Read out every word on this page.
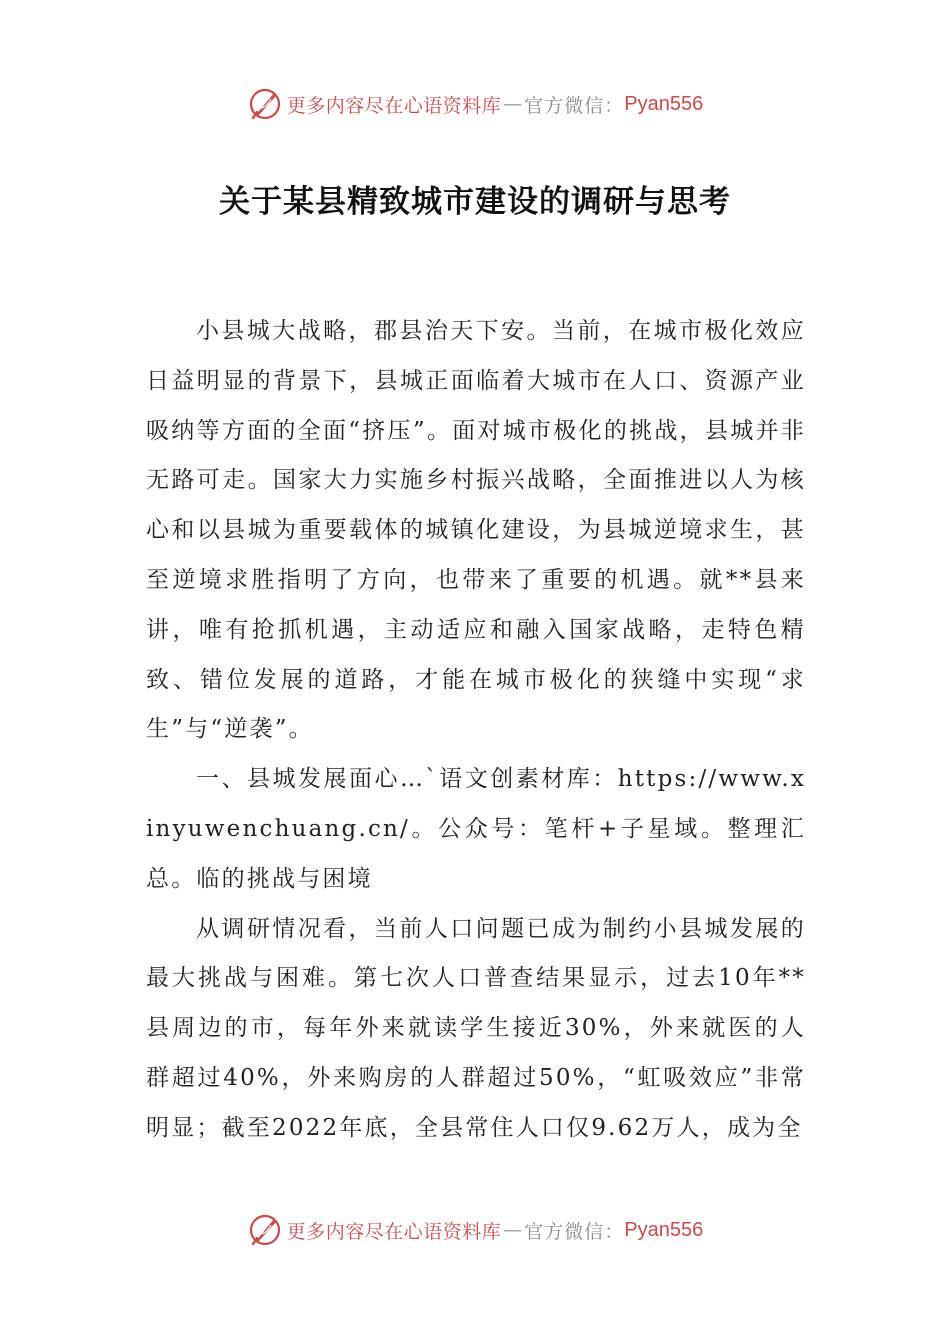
更多内容尽在心语资料库 — 官方微信： Pyan556
关于某县精致城市建设的调研与思考

小县城大战略，郡县治天下安。当前，在城市极化效应日益明显的背景下，县城正面临着大城市在人口、资源产业吸纳等方面的全面“挤压”。面对城市极化的挑战，县城并非无路可走。国家大力实施乡村振兴战略，全面推进以人为核心和以县城为重要载体的城镇化建设，为县城逆境求生，甚至逆境求胜指明了方向，也带来了重要的机遇。就**县来讲，唯有抢抓机遇，主动适应和融入国家战略，走特色精致、错位发展的道路，才能在城市极化的狭缝中实现“求生”与“逆袭”。

一、县城发展面心…`语文创素材库：https://www.xinyuwenchuang.cn/。公众号：笔杆+子星域。整理汇总。临的挑战与困境

从调研情况看，当前人口问题已成为制约小县城发展的最大挑战与困难。第七次人口普查结果显示，过去10年**县周边的市，每年外来就读学生接近30%，外来就医的人群超过40%，外来购房的人群超过50%，“虹吸效应”非常明显；截至2022年底，全县常住人口仅9.62万人，成为全

更多内容尽在心语资料库 — 官方微信： Pyan556
